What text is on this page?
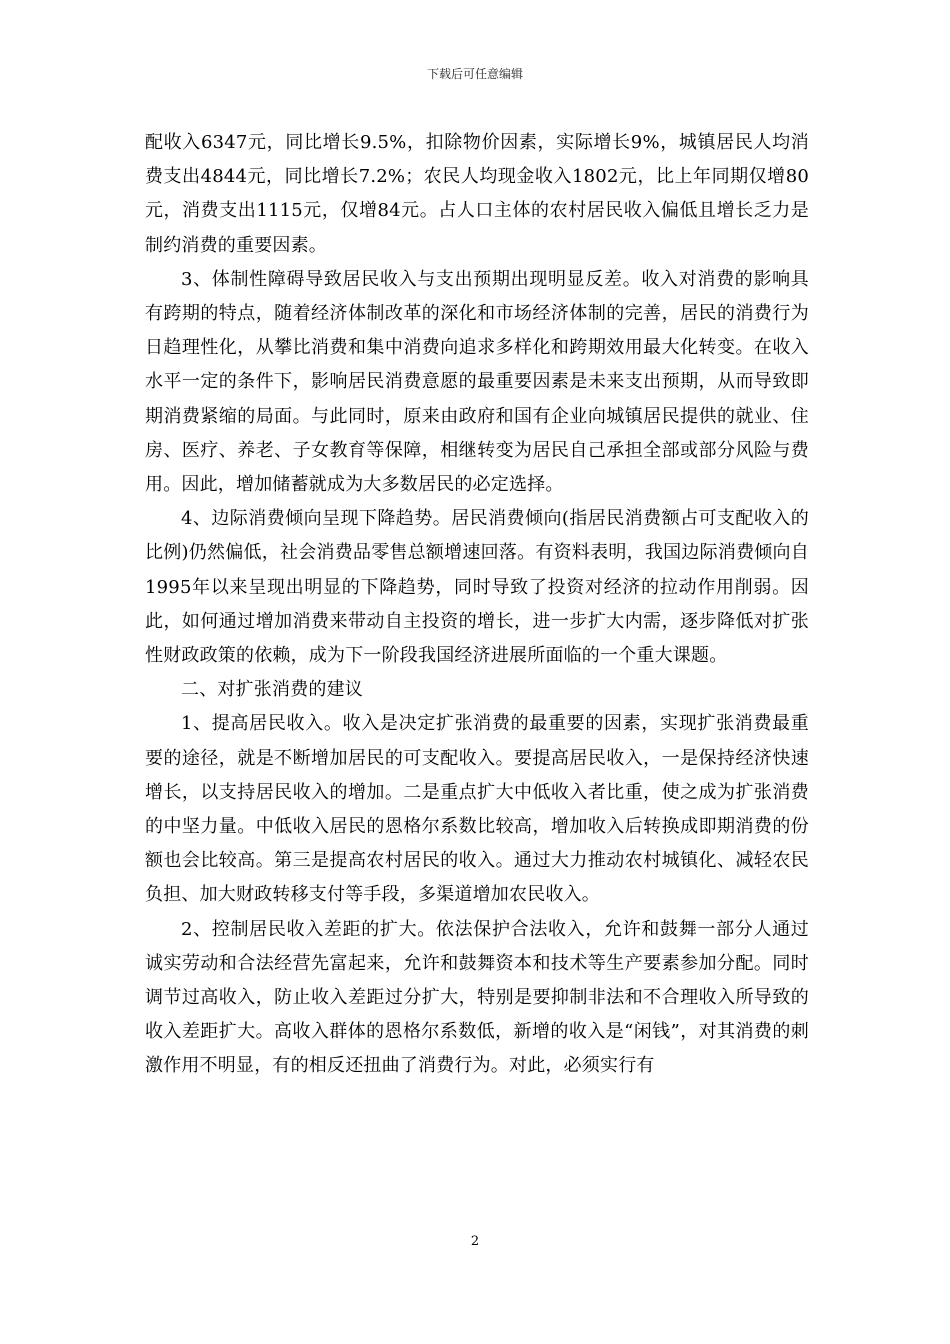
下载后可任意编辑

配收入6347元，同比增长9.5%，扣除物价因素，实际增长9%，城镇居民人均消费支出4844元，同比增长7.2%；农民人均现金收入1802元，比上年同期仅增80元，消费支出1115元，仅增84元。占人口主体的农村居民收入偏低且增长乏力是制约消费的重要因素。

3、体制性障碍导致居民收入与支出预期出现明显反差。收入对消费的影响具有跨期的特点，随着经济体制改革的深化和市场经济体制的完善，居民的消费行为日趋理性化，从攀比消费和集中消费向追求多样化和跨期效用最大化转变。在收入水平一定的条件下，影响居民消费意愿的最重要因素是未来支出预期，从而导致即期消费紧缩的局面。与此同时，原来由政府和国有企业向城镇居民提供的就业、住房、医疗、养老、子女教育等保障，相继转变为居民自己承担全部或部分风险与费用。因此，增加储蓄就成为大多数居民的必定选择。

4、边际消费倾向呈现下降趋势。居民消费倾向(指居民消费额占可支配收入的比例)仍然偏低，社会消费品零售总额增速回落。有资料表明，我国边际消费倾向自1995年以来呈现出明显的下降趋势，同时导致了投资对经济的拉动作用削弱。因此，如何通过增加消费来带动自主投资的增长，进一步扩大内需，逐步降低对扩张性财政政策的依赖，成为下一阶段我国经济进展所面临的一个重大课题。

二、对扩张消费的建议

1、提高居民收入。收入是决定扩张消费的最重要的因素，实现扩张消费最重要的途径，就是不断增加居民的可支配收入。要提高居民收入，一是保持经济快速增长，以支持居民收入的增加。二是重点扩大中低收入者比重，使之成为扩张消费的中坚力量。中低收入居民的恩格尔系数比较高，增加收入后转换成即期消费的份额也会比较高。第三是提高农村居民的收入。通过大力推动农村城镇化、减轻农民负担、加大财政转移支付等手段，多渠道增加农民收入。

2、控制居民收入差距的扩大。依法保护合法收入，允许和鼓舞一部分人通过诚实劳动和合法经营先富起来，允许和鼓舞资本和技术等生产要素参加分配。同时调节过高收入，防止收入差距过分扩大，特别是要抑制非法和不合理收入所导致的收入差距扩大。高收入群体的恩格尔系数低，新增的收入是“闲钱”，对其消费的刺激作用不明显，有的相反还扭曲了消费行为。对此，必须实行有

2
